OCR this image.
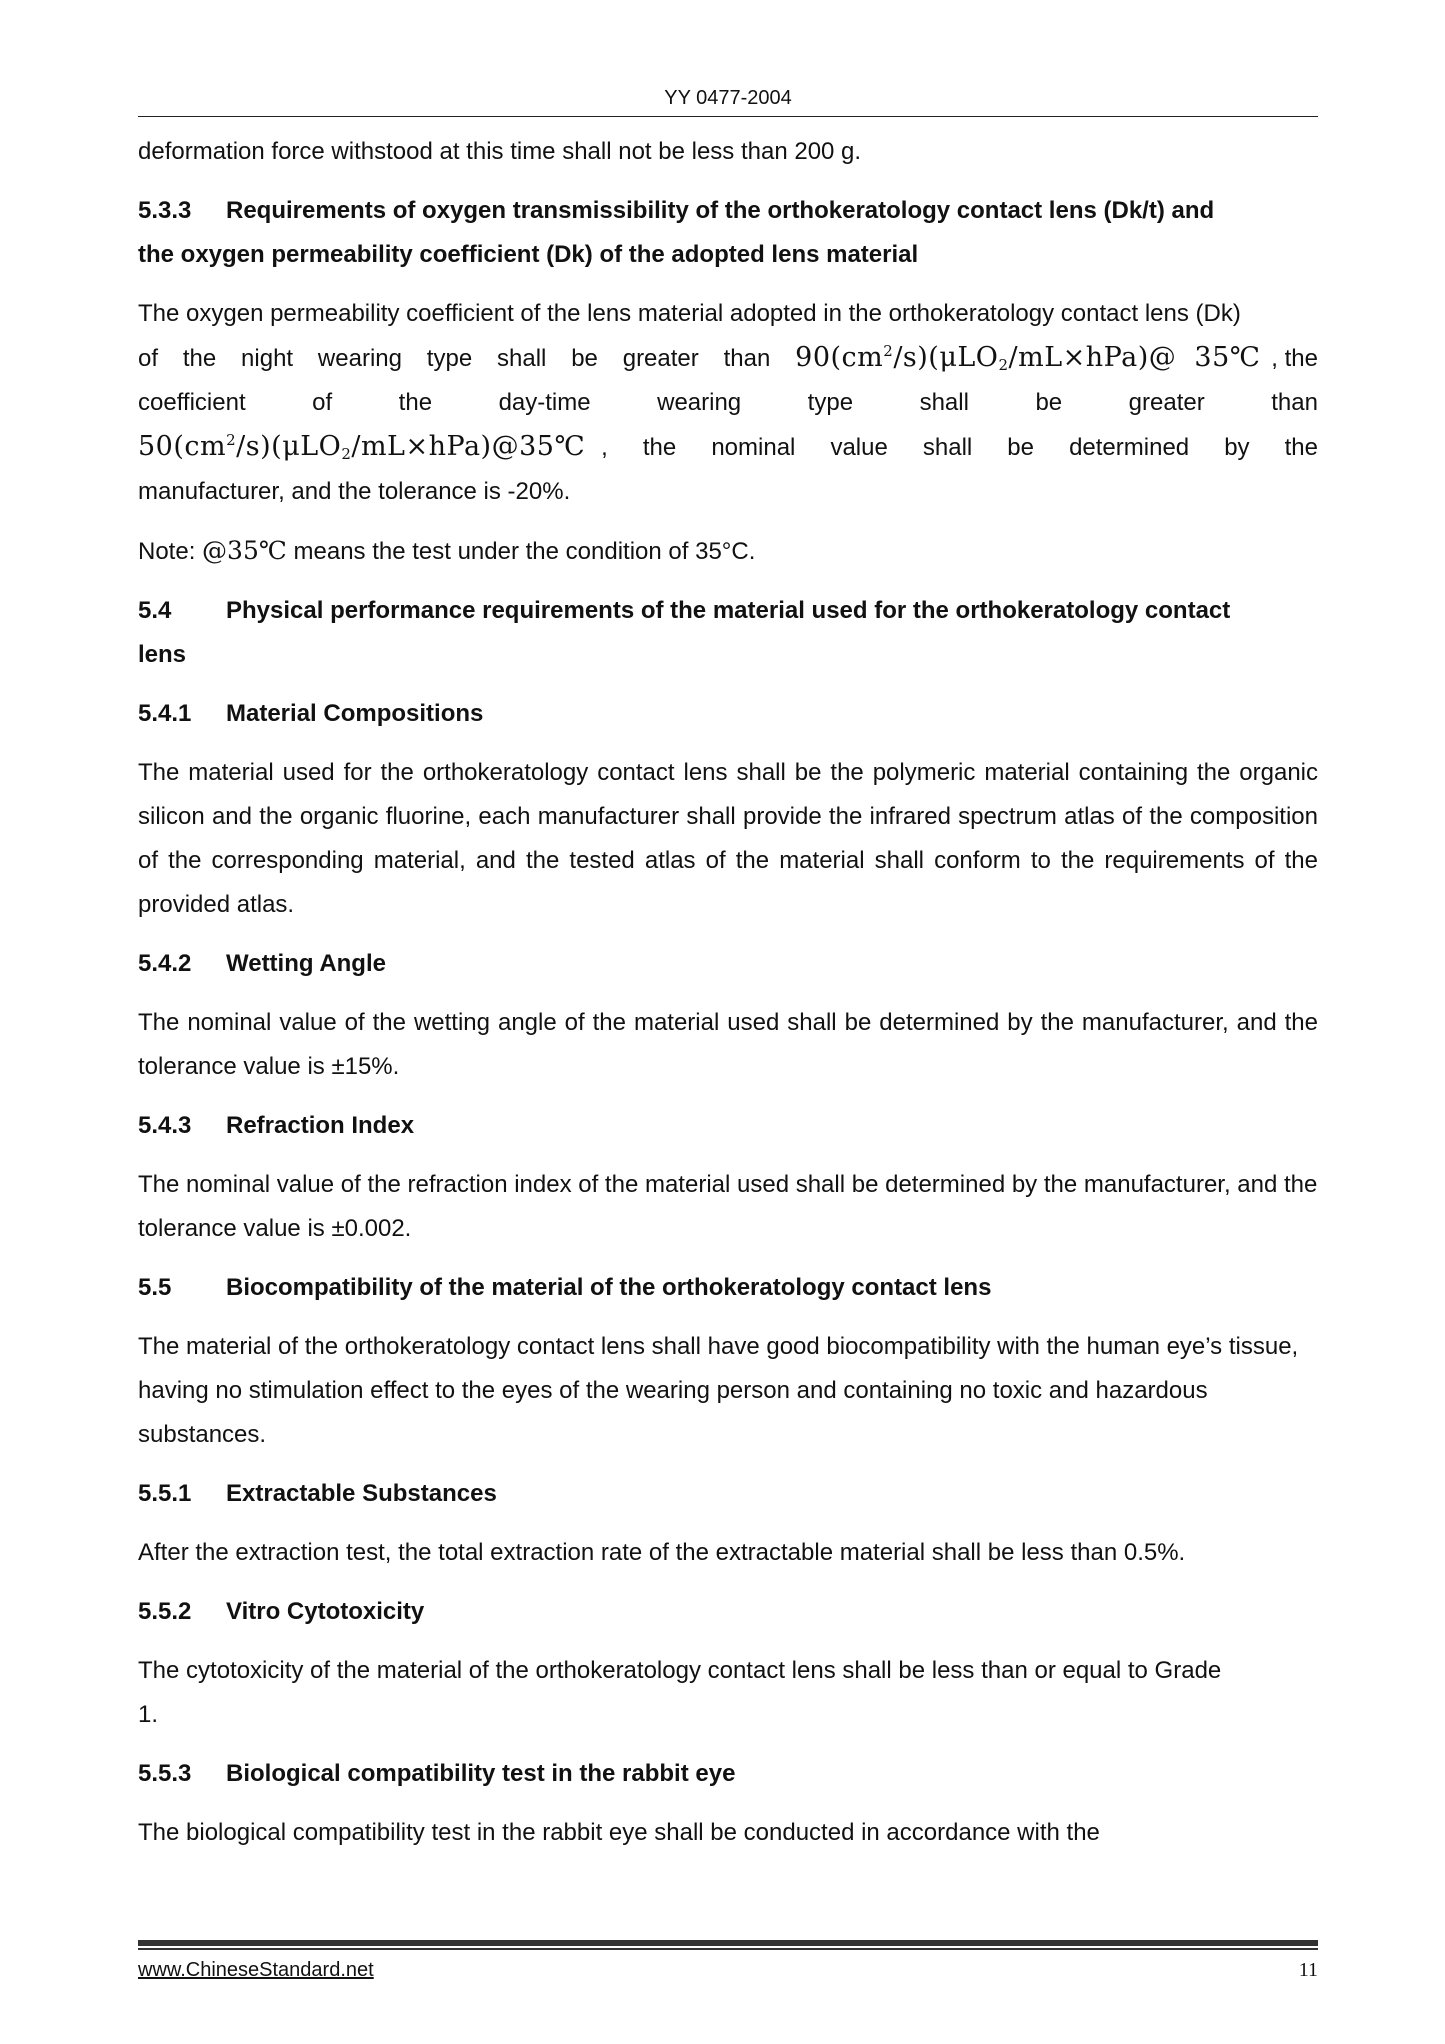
YY 0477-2004

deformation force withstood at this time shall not be less than 200 g.

5.3.3 Requirements of oxygen transmissibility of the orthokeratology contact lens (Dk/t) and
the oxygen permeability coefficient (Dk) of the adopted lens material
The oxygen permeability coefficient of the lens material adopted in the orthokeratology contact lens (Dk)
of the night wearing type shall be greater than $90(cm^2/s)(\mu LO_2/mL\times hPa)@$ 35℃ , the
coefficient	of	the	day-time	wearing	type	shall	be	greater	than
$50(cm^2/s)(\mu LO_2/mL\times hPa)@35℃$ , the nominal value shall be determined by the
manufacturer, and the tolerance is -20%.

Note: @35℃ means the test under the condition of 35°C.

5.4 Physical performance requirements of the material used for the orthokeratology contact
lens
5.4.1 Material Compositions

The material used for the orthokeratology contact lens shall be the polymeric material containing the organic silicon and the organic fluorine, each manufacturer shall provide the infrared spectrum atlas of the composition of the corresponding material, and the tested atlas of the material shall conform to the requirements of the provided atlas.

5.4.2 Wetting Angle

The nominal value of the wetting angle of the material used shall be determined by the manufacturer, and the tolerance value is ±15%.

5.4.3 Refraction Index

The nominal value of the refraction index of the material used shall be determined by the manufacturer, and the tolerance value is ±0.002.

5.5 Biocompatibility of the material of the orthokeratology contact lens

The material of the orthokeratology contact lens shall have good biocompatibility with the human eye’s tissue, having no stimulation effect to the eyes of the wearing person and containing no toxic and hazardous substances.

5.5.1 Extractable Substances

After the extraction test, the total extraction rate of the extractable material shall be less than 0.5%.

5.5.2 Vitro Cytotoxicity

The cytotoxicity of the material of the orthokeratology contact lens shall be less than or equal to Grade
1.

5.5.3 Biological compatibility test in the rabbit eye

The biological compatibility test in the rabbit eye shall be conducted in accordance with the

www.ChineseStandard.net	11
